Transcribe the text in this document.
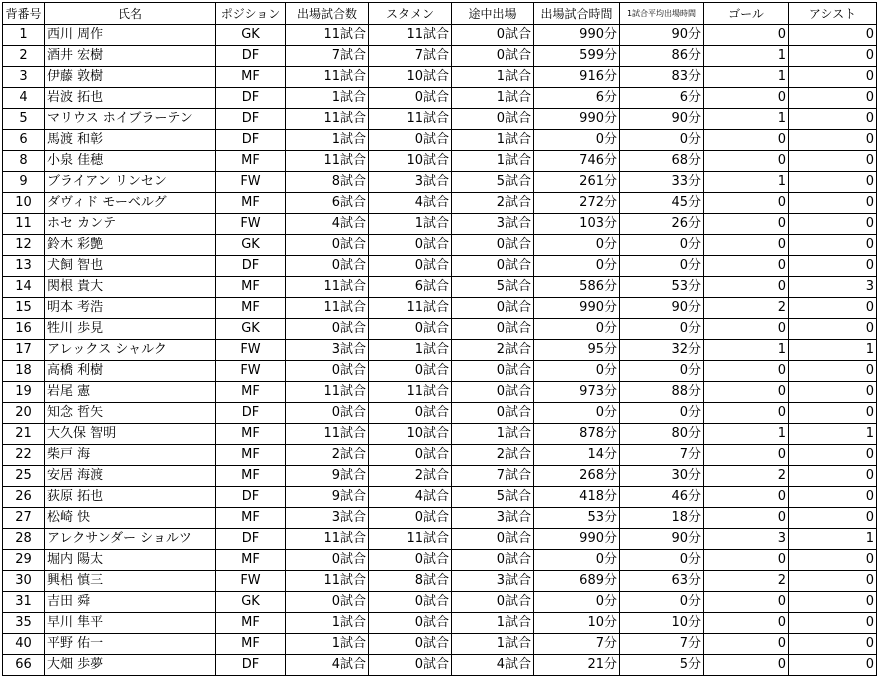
背番号	氏名	ポジション	出場試合数	スタメン	途中出場	出場試合時間	1試合平均出場時間	ゴール	アシスト
1	西川 周作	GK	11試合	11試合	0試合	990分	90分	0	0
2	酒井 宏樹	DF	7試合	7試合	0試合	599分	86分	1	0
3	伊藤 敦樹	MF	11試合	10試合	1試合	916分	83分	1	0
4	岩波 拓也	DF	1試合	0試合	1試合	6分	6分	0	0
5	マリウス ホイブラーテン	DF	11試合	11試合	0試合	990分	90分	1	0
6	馬渡 和彰	DF	1試合	0試合	1試合	0分	0分	0	0
8	小泉 佳穂	MF	11試合	10試合	1試合	746分	68分	0	0
9	ブライアン リンセン	FW	8試合	3試合	5試合	261分	33分	1	0
10	ダヴィド モーベルグ	MF	6試合	4試合	2試合	272分	45分	0	0
11	ホセ カンテ	FW	4試合	1試合	3試合	103分	26分	0	0
12	鈴木 彩艶	GK	0試合	0試合	0試合	0分	0分	0	0
13	犬飼 智也	DF	0試合	0試合	0試合	0分	0分	0	0
14	関根 貴大	MF	11試合	6試合	5試合	586分	53分	0	3
15	明本 考浩	MF	11試合	11試合	0試合	990分	90分	2	0
16	牲川 歩見	GK	0試合	0試合	0試合	0分	0分	0	0
17	アレックス シャルク	FW	3試合	1試合	2試合	95分	32分	1	1
18	高橋 利樹	FW	0試合	0試合	0試合	0分	0分	0	0
19	岩尾 憲	MF	11試合	11試合	0試合	973分	88分	0	0
20	知念 哲矢	DF	0試合	0試合	0試合	0分	0分	0	0
21	大久保 智明	MF	11試合	10試合	1試合	878分	80分	1	1
22	柴戸 海	MF	2試合	0試合	2試合	14分	7分	0	0
25	安居 海渡	MF	9試合	2試合	7試合	268分	30分	2	0
26	荻原 拓也	DF	9試合	4試合	5試合	418分	46分	0	0
27	松崎 快	MF	3試合	0試合	3試合	53分	18分	0	0
28	アレクサンダー ショルツ	DF	11試合	11試合	0試合	990分	90分	3	1
29	堀内 陽太	MF	0試合	0試合	0試合	0分	0分	0	0
30	興梠 慎三	FW	11試合	8試合	3試合	689分	63分	2	0
31	吉田 舜	GK	0試合	0試合	0試合	0分	0分	0	0
35	早川 隼平	MF	1試合	0試合	1試合	10分	10分	0	0
40	平野 佑一	MF	1試合	0試合	1試合	7分	7分	0	0
66	大畑 歩夢	DF	4試合	0試合	4試合	21分	5分	0	0
